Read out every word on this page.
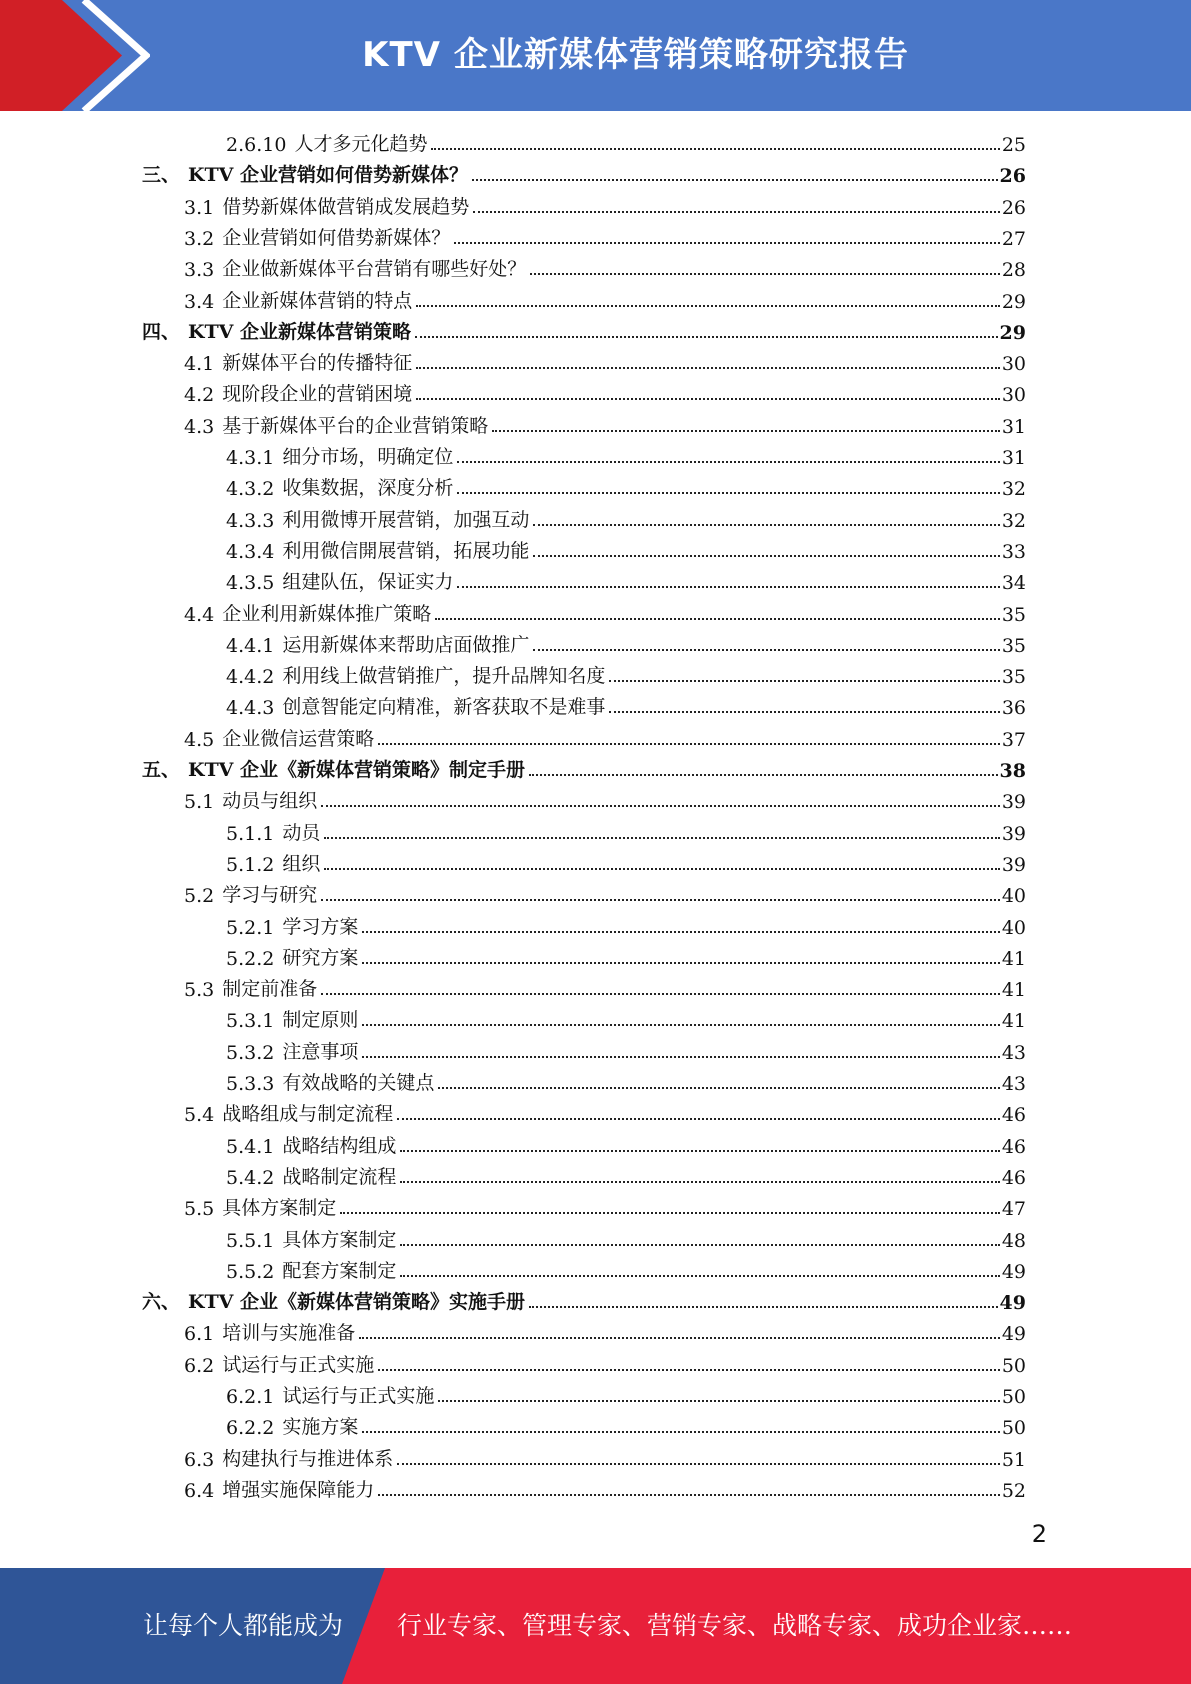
KTV 企业新媒体营销策略研究报告
2.6.10 人才多元化趋势	25
三、 KTV 企业营销如何借势新媒体？	26
3.1 借势新媒体做营销成发展趋势	26
3.2 企业营销如何借势新媒体？	27
3.3 企业做新媒体平台营销有哪些好处？	28
3.4 企业新媒体营销的特点	29
四、 KTV 企业新媒体营销策略	29
4.1 新媒体平台的传播特征	30
4.2 现阶段企业的营销困境	30
4.3 基于新媒体平台的企业营销策略	31
4.3.1 细分市场，明确定位	31
4.3.2 收集数据，深度分析	32
4.3.3 利用微博开展营销，加强互动	32
4.3.4 利用微信開展营销，拓展功能	33
4.3.5 组建队伍，保证实力	34
4.4 企业利用新媒体推广策略	35
4.4.1 运用新媒体来帮助店面做推广	35
4.4.2 利用线上做营销推广，提升品牌知名度	35
4.4.3 创意智能定向精准，新客获取不是难事	36
4.5 企业微信运营策略	37
五、 KTV 企业《新媒体营销策略》制定手册	38
5.1 动员与组织	39
5.1.1 动员	39
5.1.2 组织	39
5.2 学习与研究	40
5.2.1 学习方案	40
5.2.2 研究方案	41
5.3 制定前准备	41
5.3.1 制定原则	41
5.3.2 注意事项	43
5.3.3 有效战略的关键点	43
5.4 战略组成与制定流程	46
5.4.1 战略结构组成	46
5.4.2 战略制定流程	46
5.5 具体方案制定	47
5.5.1 具体方案制定	48
5.5.2 配套方案制定	49
六、 KTV 企业《新媒体营销策略》实施手册	49
6.1 培训与实施准备	49
6.2 试运行与正式实施	50
6.2.1 试运行与正式实施	50
6.2.2 实施方案	50
6.3 构建执行与推进体系	51
6.4 增强实施保障能力	52
2
让每个人都能成为 行业专家、管理专家、营销专家、战略专家、成功企业家……
